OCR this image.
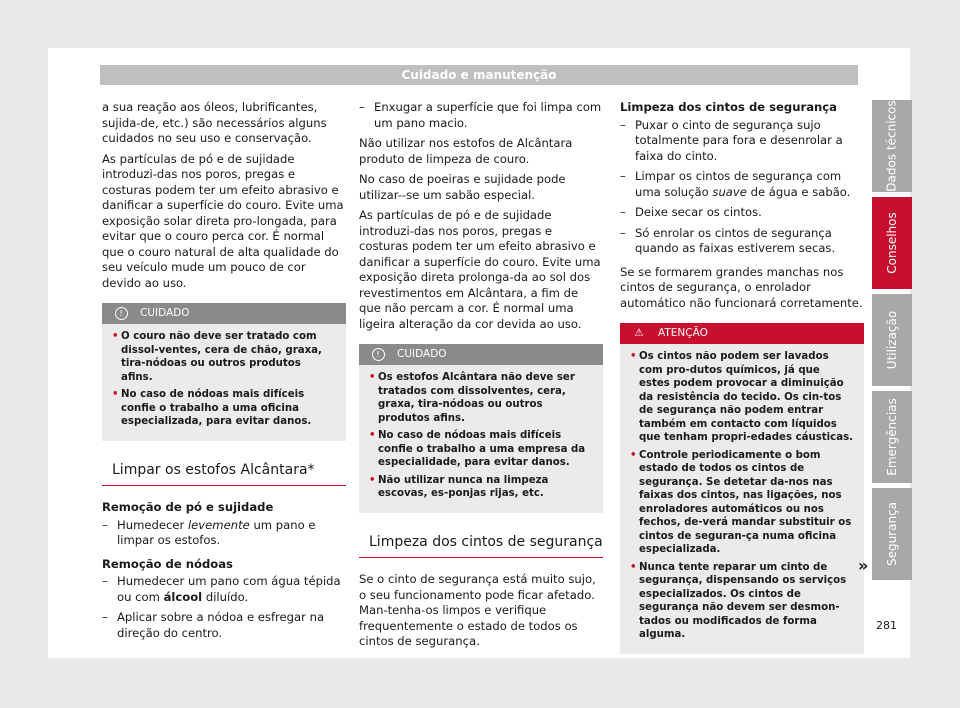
Cuidado e manutenção

a sua reação aos óleos, lubrificantes, sujida-de, etc.) são necessários alguns cuidados no seu uso e conservação.

As partículas de pó e de sujidade introduzi-das nos poros, pregas e costuras podem ter um efeito abrasivo e danificar a superfície do couro. Evite uma exposição solar direta pro-longada, para evitar que o couro perca cor. É normal que o couro natural de alta qualidade do seu veículo mude um pouco de cor devido ao uso.

!	CUIDADO
• O couro não deve ser tratado com dissol-ventes, cera de chão, graxa, tira-nódoas ou outros produtos afins.
• No caso de nódoas mais difíceis confie o trabalho a uma oficina especializada, para evitar danos.
Limpar os estofos Alcântara*
Remoção de pó e sujidade
– Humedecer levemente um pano e limpar os estofos.
Remoção de nódoas
– Humedecer um pano com água tépida ou com álcool diluído.
– Aplicar sobre a nódoa e esfregar na direção do centro.
– Enxugar a superfície que foi limpa com um pano macio.

Não utilizar nos estofos de Alcântara produto de limpeza de couro.

No caso de poeiras e sujidade pode utilizar--se um sabão especial.

As partículas de pó e de sujidade introduzi-das nos poros, pregas e costuras podem ter um efeito abrasivo e danificar a superfície do couro. Evite uma exposição direta prolonga-da ao sol dos revestimentos em Alcântara, a fim de que não percam a cor. É normal uma ligeira alteração da cor devida ao uso.

!	CUIDADO
• Os estofos Alcântara não deve ser tratados com dissolventes, cera, graxa, tira-nódoas ou outros produtos afins.
• No caso de nódoas mais difíceis confie o trabalho a uma empresa da especialidade, para evitar danos.
• Não utilizar nunca na limpeza escovas, es-ponjas rijas, etc.
Limpeza dos cintos de segurança

Se o cinto de segurança está muito sujo, o seu funcionamento pode ficar afetado. Man-tenha-os limpos e verifique frequentemente o estado de todos os cintos de segurança.

Limpeza dos cintos de segurança
– Puxar o cinto de segurança sujo totalmente para fora e desenrolar a faixa do cinto.
– Limpar os cintos de segurança com uma solução suave de água e sabão.
– Deixe secar os cintos.
– Só enrolar os cintos de segurança quando as faixas estiverem secas.

Se se formarem grandes manchas nos cintos de segurança, o enrolador automático não funcionará corretamente.

⚠	ATENÇÃO
• Os cintos não podem ser lavados com pro-dutos químicos, já que estes podem provocar a diminuição da resistência do tecido. Os cin-tos de segurança não podem entrar também em contacto com líquidos que tenham propri-edades cáusticas.
• Controle periodicamente o bom estado de todos os cintos de segurança. Se detetar da-nos nas faixas dos cintos, nas ligações, nos enroladores automáticos ou nos fechos, de-verá mandar substituir os cintos de seguran-ça numa oficina especializada.
• Nunca tente reparar um cinto de segurança, dispensando os serviços especializados. Os cintos de segurança não devem ser desmon-tados ou modificados de forma alguma.
»
Dados técnicos
Conselhos
Utilização
Emergências
Segurança
281
